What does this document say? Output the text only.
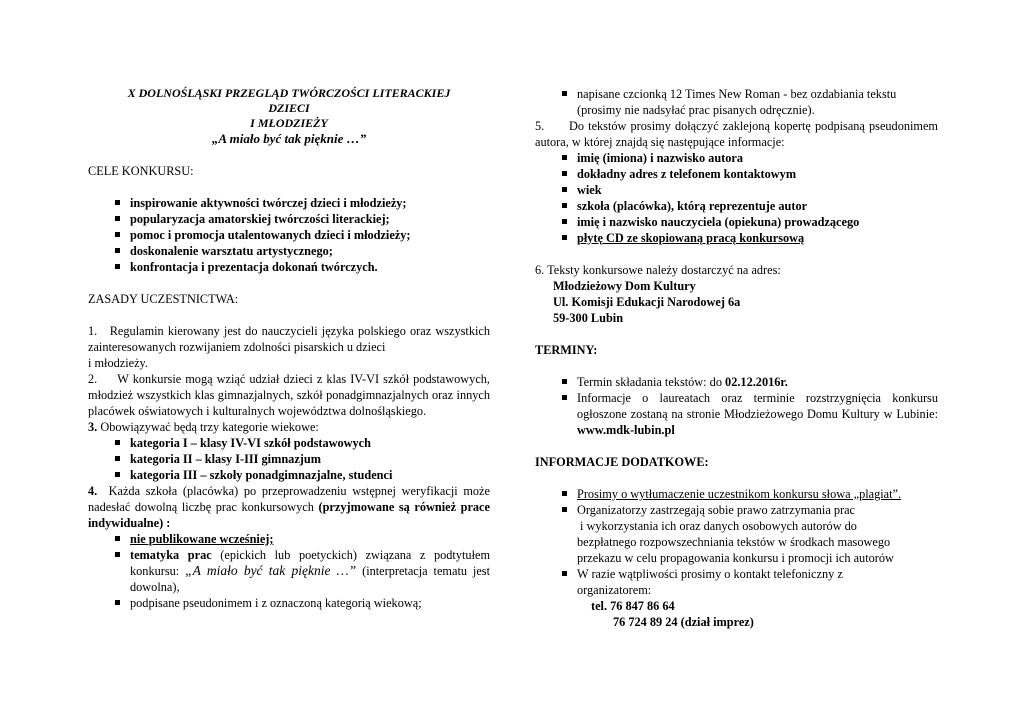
X DOLNOŚLĄSKI PRZEGLĄD TWÓRCZOŚCI LITERACKIEJ

DZIECI

I MŁODZIEŻY

„A miało być tak pięknie …”

CELE KONKURSU:

inspirowanie aktywności twórczej dzieci i młodzieży;
popularyzacja amatorskiej twórczości literackiej;
pomoc i promocja utalentowanych dzieci i młodzieży;
doskonalenie warsztatu artystycznego;
konfrontacja i prezentacja dokonań twórczych.

ZASADY UCZESTNICTWA:

1. Regulamin kierowany jest do nauczycieli języka polskiego oraz wszystkich zainteresowanych rozwijaniem zdolności pisarskich u dzieci

i młodzieży.

2. W konkursie mogą wziąć udział dzieci z klas IV-VI szkół podstawowych, młodzież wszystkich klas gimnazjalnych, szkół ponadgimnazjalnych oraz innych placówek oświatowych i kulturalnych województwa dolnośląskiego.

3. Obowiązywać będą trzy kategorie wiekowe:

kategoria I – klasy IV-VI szkół podstawowych
kategoria II – klasy I-III gimnazjum
kategoria III – szkoły ponadgimnazjalne, studenci

4. Każda szkoła (placówka) po przeprowadzeniu wstępnej weryfikacji może nadesłać dowolną liczbę prac konkursowych (przyjmowane są również prace indywidualne) :

nie publikowane wcześniej;
tematyka prac (epickich lub poetyckich) związana z podtytułem konkursu: „A miało być tak pięknie …” (interpretacja tematu jest dowolna),
podpisane pseudonimem i z oznaczoną kategorią wiekową;
napisane czcionką 12 Times New Roman - bez ozdabiania tekstu (prosimy nie nadsyłać prac pisanych odręcznie).

5. Do tekstów prosimy dołączyć zaklejoną kopertę podpisaną pseudonimem autora, w której znajdą się następujące informacje:

imię (imiona) i nazwisko autora
dokładny adres z telefonem kontaktowym
wiek
szkoła (placówka), którą reprezentuje autor
imię i nazwisko nauczyciela (opiekuna) prowadzącego
płytę CD ze skopiowaną pracą konkursową

6. Teksty konkursowe należy dostarczyć na adres:

Młodzieżowy Dom Kultury

Ul. Komisji Edukacji Narodowej 6a

59-300 Lubin

TERMINY:

Termin składania tekstów: do 02.12.2016r.
Informacje o laureatach oraz terminie rozstrzygnięcia konkursu ogłoszone zostaną na stronie Młodzieżowego Domu Kultury w Lubinie: www.mdk-lubin.pl

INFORMACJE DODATKOWE:

Prosimy o wytłumaczenie uczestnikom konkursu słowa „plagiat”.
Organizatorzy zastrzegają sobie prawo zatrzymania prac
i wykorzystania ich oraz danych osobowych autorów do
bezpłatnego rozpowszechniania tekstów w środkach masowego
przekazu w celu propagowania konkursu i promocji ich autorów
W razie wątpliwości prosimy o kontakt telefoniczny z
organizatorem:

tel. 76 847 86 64

76 724 89 24 (dział imprez)
